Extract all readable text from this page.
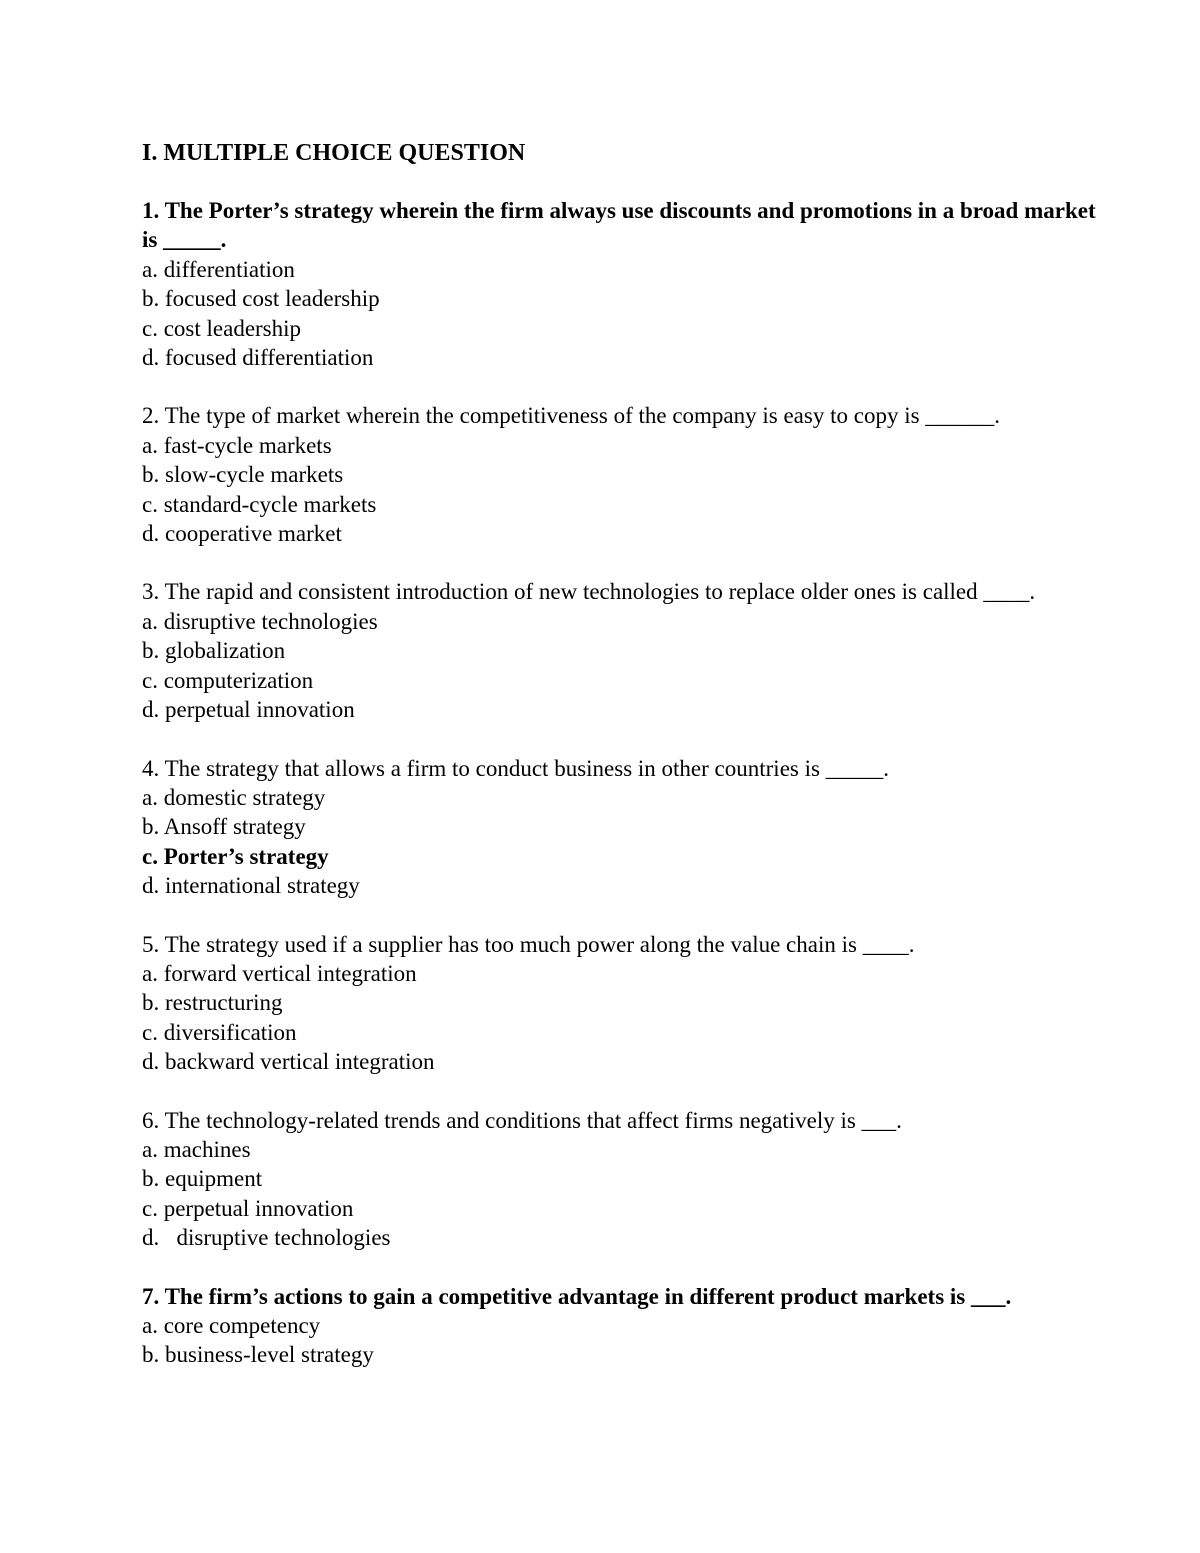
I. MULTIPLE CHOICE QUESTION
1. The Porter’s strategy wherein the firm always use discounts and promotions in a broad market is _____.
a. differentiation
b. focused cost leadership
c. cost leadership
d. focused differentiation
2. The type of market wherein the competitiveness of the company is easy to copy is ______.
a. fast-cycle markets
b. slow-cycle markets
c. standard-cycle markets
d. cooperative market
3. The rapid and consistent introduction of new technologies to replace older ones is called ____.
a. disruptive technologies
b. globalization
c. computerization
d. perpetual innovation
4. The strategy that allows a firm to conduct business in other countries is _____.
a. domestic strategy
b. Ansoff strategy
c. Porter’s strategy
d. international strategy
5. The strategy used if a supplier has too much power along the value chain is ____.
a. forward vertical integration
b. restructuring
c. diversification
d. backward vertical integration
6. The technology-related trends and conditions that affect firms negatively is ___.
a. machines
b. equipment
c. perpetual innovation
d.   disruptive technologies
7. The firm’s actions to gain a competitive advantage in different product markets is ___.
a. core competency
b. business-level strategy
